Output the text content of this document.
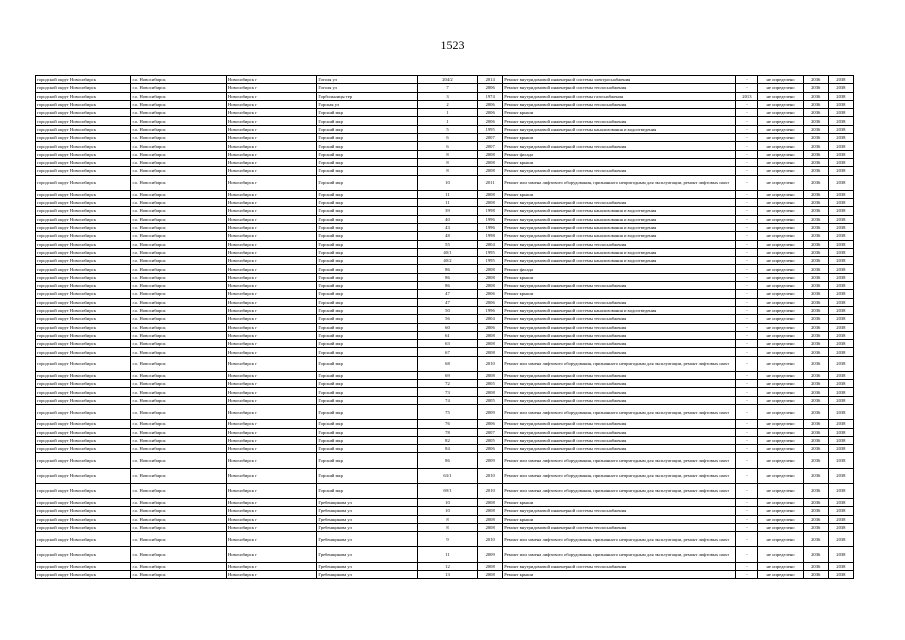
1523
городской округ Новосибирск	г.о. Новосибирск	Новосибирск г	Гоголя ул	204/2	2014	Ремонт внутридомовой инженерной системы электроснабжения	-	не определено	2036	2038
городской округ Новосибирск	г.о. Новосибирск	Новосибирск г	Гоголя ул	7	2006	Ремонт внутридомовой инженерной системы теплоснабжения	-	не определено	2036	2038
городской округ Новосибирск	г.о. Новосибирск	Новосибирск г	Горбольницы тер	3	1974	Ремонт внутридомовой инженерной системы газоснабжения	2013	не определено	2036	2038
городской округ Новосибирск	г.о. Новосибирск	Новосибирск г	Горская ул	2	2006	Ремонт внутридомовой инженерной системы теплоснабжения	-	не определено	2036	2038
городской округ Новосибирск	г.о. Новосибирск	Новосибирск г	Горский мкр	1	2006	Ремонт крыши	-	не определено	2036	2038
городской округ Новосибирск	г.о. Новосибирск	Новосибирск г	Горский мкр	1	2006	Ремонт внутридомовой инженерной системы теплоснабжения	-	не определено	2036	2038
городской округ Новосибирск	г.о. Новосибирск	Новосибирск г	Горский мкр	5	1995	Ремонт внутридомовой инженерной системы канализования и водоотведения	-	не определено	2036	2038
городской округ Новосибирск	г.о. Новосибирск	Новосибирск г	Горский мкр	6	2007	Ремонт крыши	-	не определено	2036	2038
городской округ Новосибирск	г.о. Новосибирск	Новосибирск г	Горский мкр	6	2007	Ремонт внутридомовой инженерной системы теплоснабжения	-	не определено	2036	2038
городской округ Новосибирск	г.о. Новосибирск	Новосибирск г	Горский мкр	8	2008	Ремонт фасада	-	не определено	2036	2038
городской округ Новосибирск	г.о. Новосибирск	Новосибирск г	Горский мкр	8	2008	Ремонт крыши	-	не определено	2036	2038
городской округ Новосибирск	г.о. Новосибирск	Новосибирск г	Горский мкр	8	2008	Ремонт внутридомовой инженерной системы теплоснабжения	-	не определено	2036	2038
городской округ Новосибирск	г.о. Новосибирск	Новосибирск г	Горский мкр	10	2011	Ремонт или замена лифтового оборудования, признанного непригодным для эксплуатации, ремонт лифтовых шахт	-	не определено	2036	2038
городской округ Новосибирск	г.о. Новосибирск	Новосибирск г	Горский мкр	11	2008	Ремонт крыши	-	не определено	2036	2038
городской округ Новосибирск	г.о. Новосибирск	Новосибирск г	Горский мкр	11	2008	Ремонт внутридомовой инженерной системы теплоснабжения	-	не определено	2036	2038
городской округ Новосибирск	г.о. Новосибирск	Новосибирск г	Горский мкр	39	1998	Ремонт внутридомовой инженерной системы канализования и водоотведения	-	не определено	2036	2038
городской округ Новосибирск	г.о. Новосибирск	Новосибирск г	Горский мкр	40	1996	Ремонт внутридомовой инженерной системы канализования и водоотведения	-	не определено	2036	2038
городской округ Новосибирск	г.о. Новосибирск	Новосибирск г	Горский мкр	43	1996	Ремонт внутридомовой инженерной системы канализования и водоотведения	-	не определено	2036	2038
городской округ Новосибирск	г.о. Новосибирск	Новосибирск г	Горский мкр	48	1998	Ремонт внутридомовой инженерной системы канализования и водоотведения	-	не определено	2036	2038
городской округ Новосибирск	г.о. Новосибирск	Новосибирск г	Горский мкр	55	2004	Ремонт внутридомовой инженерной системы теплоснабжения	-	не определено	2036	2038
городской округ Новосибирск	г.о. Новосибирск	Новосибирск г	Горский мкр	40/1	1995	Ремонт внутридомовой инженерной системы канализования и водоотведения	-	не определено	2036	2038
городской округ Новосибирск	г.о. Новосибирск	Новосибирск г	Горский мкр	40/2	1995	Ремонт внутридомовой инженерной системы канализования и водоотведения	-	не определено	2036	2038
городской округ Новосибирск	г.о. Новосибирск	Новосибирск г	Горский мкр	86	2008	Ремонт фасада	-	не определено	2036	2038
городской округ Новосибирск	г.о. Новосибирск	Новосибирск г	Горский мкр	86	2008	Ремонт крыши	-	не определено	2036	2038
городской округ Новосибирск	г.о. Новосибирск	Новосибирск г	Горский мкр	86	2008	Ремонт внутридомовой инженерной системы теплоснабжения	-	не определено	2036	2038
городской округ Новосибирск	г.о. Новосибирск	Новосибирск г	Горский мкр	47	2006	Ремонт крыши	-	не определено	2036	2038
городской округ Новосибирск	г.о. Новосибирск	Новосибирск г	Горский мкр	47	2006	Ремонт внутридомовой инженерной системы теплоснабжения	-	не определено	2036	2038
городской округ Новосибирск	г.о. Новосибирск	Новосибирск г	Горский мкр	50	1996	Ремонт внутридомовой инженерной системы канализования и водоотведения	-	не определено	2036	2038
городской округ Новосибирск	г.о. Новосибирск	Новосибирск г	Горский мкр	56	2004	Ремонт внутридомовой инженерной системы теплоснабжения	-	не определено	2036	2038
городской округ Новосибирск	г.о. Новосибирск	Новосибирск г	Горский мкр	60	2006	Ремонт внутридомовой инженерной системы теплоснабжения	-	не определено	2036	2038
городской округ Новосибирск	г.о. Новосибирск	Новосибирск г	Горский мкр	61	2008	Ремонт внутридомовой инженерной системы теплоснабжения	-	не определено	2036	2038
городской округ Новосибирск	г.о. Новосибирск	Новосибирск г	Горский мкр	63	2008	Ремонт внутридомовой инженерной системы теплоснабжения	-	не определено	2036	2038
городской округ Новосибирск	г.о. Новосибирск	Новосибирск г	Горский мкр	67	2008	Ремонт внутридомовой инженерной системы теплоснабжения	-	не определено	2036	2038
городской округ Новосибирск	г.о. Новосибирск	Новосибирск г	Горский мкр	68	2010	Ремонт или замена лифтового оборудования, признанного непригодным для эксплуатации, ремонт лифтовых шахт	-	не определено	2036	2038
городской округ Новосибирск	г.о. Новосибирск	Новосибирск г	Горский мкр	69	2008	Ремонт внутридомовой инженерной системы теплоснабжения	-	не определено	2036	2038
городской округ Новосибирск	г.о. Новосибирск	Новосибирск г	Горский мкр	72	2005	Ремонт внутридомовой инженерной системы теплоснабжения	-	не определено	2036	2038
городской округ Новосибирск	г.о. Новосибирск	Новосибирск г	Горский мкр	73	2008	Ремонт внутридомовой инженерной системы теплоснабжения	-	не определено	2036	2038
городской округ Новосибирск	г.о. Новосибирск	Новосибирск г	Горский мкр	74	2005	Ремонт внутридомовой инженерной системы теплоснабжения	-	не определено	2036	2038
городской округ Новосибирск	г.о. Новосибирск	Новосибирск г	Горский мкр	75	2009	Ремонт или замена лифтового оборудования, признанного непригодным для эксплуатации, ремонт лифтовых шахт	-	не определено	2036	2038
городской округ Новосибирск	г.о. Новосибирск	Новосибирск г	Горский мкр	76	2006	Ремонт внутридомовой инженерной системы теплоснабжения	-	не определено	2036	2038
городской округ Новосибирск	г.о. Новосибирск	Новосибирск г	Горский мкр	78	2007	Ремонт внутридомовой инженерной системы теплоснабжения	-	не определено	2036	2038
городской округ Новосибирск	г.о. Новосибирск	Новосибирск г	Горский мкр	82	2005	Ремонт внутридомовой инженерной системы теплоснабжения	-	не определено	2036	2038
городской округ Новосибирск	г.о. Новосибирск	Новосибирск г	Горский мкр	84	2006	Ремонт внутридомовой инженерной системы теплоснабжения	-	не определено	2036	2038
городской округ Новосибирск	г.о. Новосибирск	Новосибирск г	Горский мкр	86	2009	Ремонт или замена лифтового оборудования, признанного непригодным для эксплуатации, ремонт лифтовых шахт	-	не определено	2036	2038
городской округ Новосибирск	г.о. Новосибирск	Новосибирск г	Горский мкр	63/1	2010	Ремонт или замена лифтового оборудования, признанного непригодным для эксплуатации, ремонт лифтовых шахт	-	не определено	2036	2038
городской округ Новосибирск	г.о. Новосибирск	Новосибирск г	Горский мкр	69/1	2010	Ремонт или замена лифтового оборудования, признанного непригодным для эксплуатации, ремонт лифтовых шахт	-	не определено	2036	2038
городской округ Новосибирск	г.о. Новосибирск	Новосибирск г	Гребенщикова ул	10	2008	Ремонт крыши	-	не определено	2036	2038
городской округ Новосибирск	г.о. Новосибирск	Новосибирск г	Гребенщикова ул	10	2008	Ремонт внутридомовой инженерной системы теплоснабжения	-	не определено	2036	2038
городской округ Новосибирск	г.о. Новосибирск	Новосибирск г	Гребенщикова ул	8	2008	Ремонт крыши	-	не определено	2036	2038
городской округ Новосибирск	г.о. Новосибирск	Новосибирск г	Гребенщикова ул	8	2008	Ремонт внутридомовой инженерной системы теплоснабжения	-	не определено	2036	2038
городской округ Новосибирск	г.о. Новосибирск	Новосибирск г	Гребенщикова ул	9	2010	Ремонт или замена лифтового оборудования, признанного непригодным для эксплуатации, ремонт лифтовых шахт	-	не определено	2036	2038
городской округ Новосибирск	г.о. Новосибирск	Новосибирск г	Гребенщикова ул	11	2009	Ремонт или замена лифтового оборудования, признанного непригодным для эксплуатации, ремонт лифтовых шахт	-	не определено	2036	2038
городской округ Новосибирск	г.о. Новосибирск	Новосибирск г	Гребенщикова ул	12	2008	Ремонт внутридомовой инженерной системы теплоснабжения	-	не определено	2036	2038
городской округ Новосибирск	г.о. Новосибирск	Новосибирск г	Гребенщикова ул	13	2008	Ремонт крыши	-	не определено	2036	2038
